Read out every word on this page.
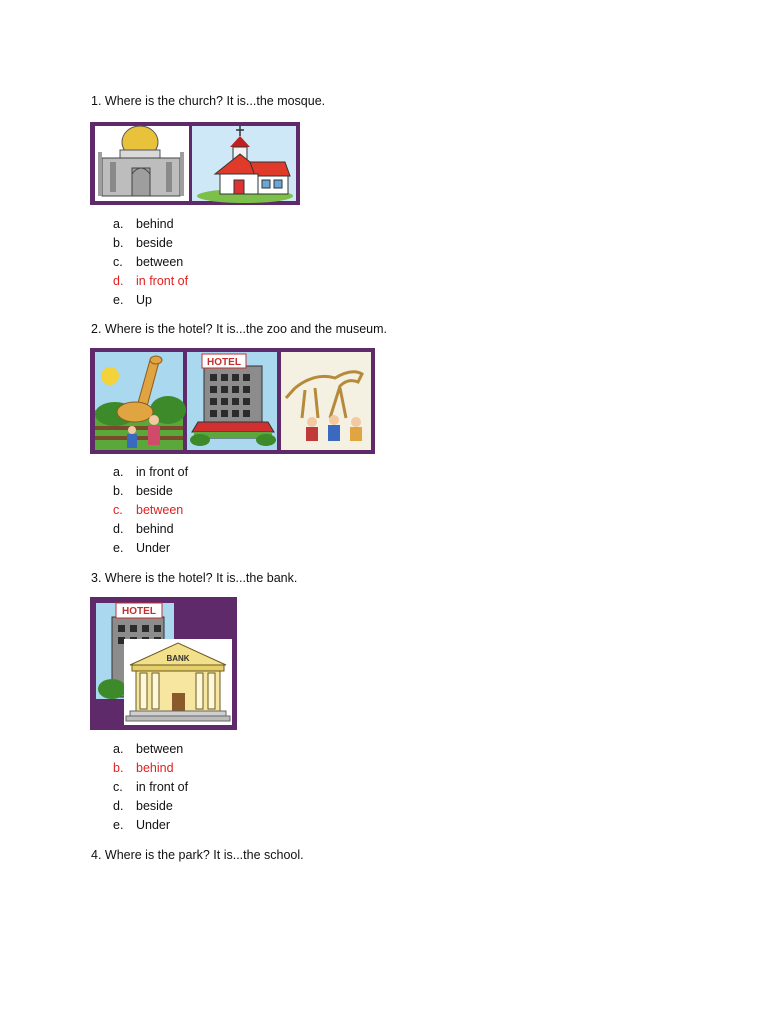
1. Where is the church? It is...the mosque.
a.	behind
b.	beside
c.	between
d.	in front of
e.	Up
2. Where is the hotel? It is...the zoo and the museum.
HOTEL
a.	in front of
b.	beside
c.	between
d.	behind
e.	Under
3. Where is the hotel? It is...the bank.
HOTEL
BANK
a.	between
b.	behind
c.	in front of
d.	beside
e.	Under
4. Where is the park? It is...the school.
